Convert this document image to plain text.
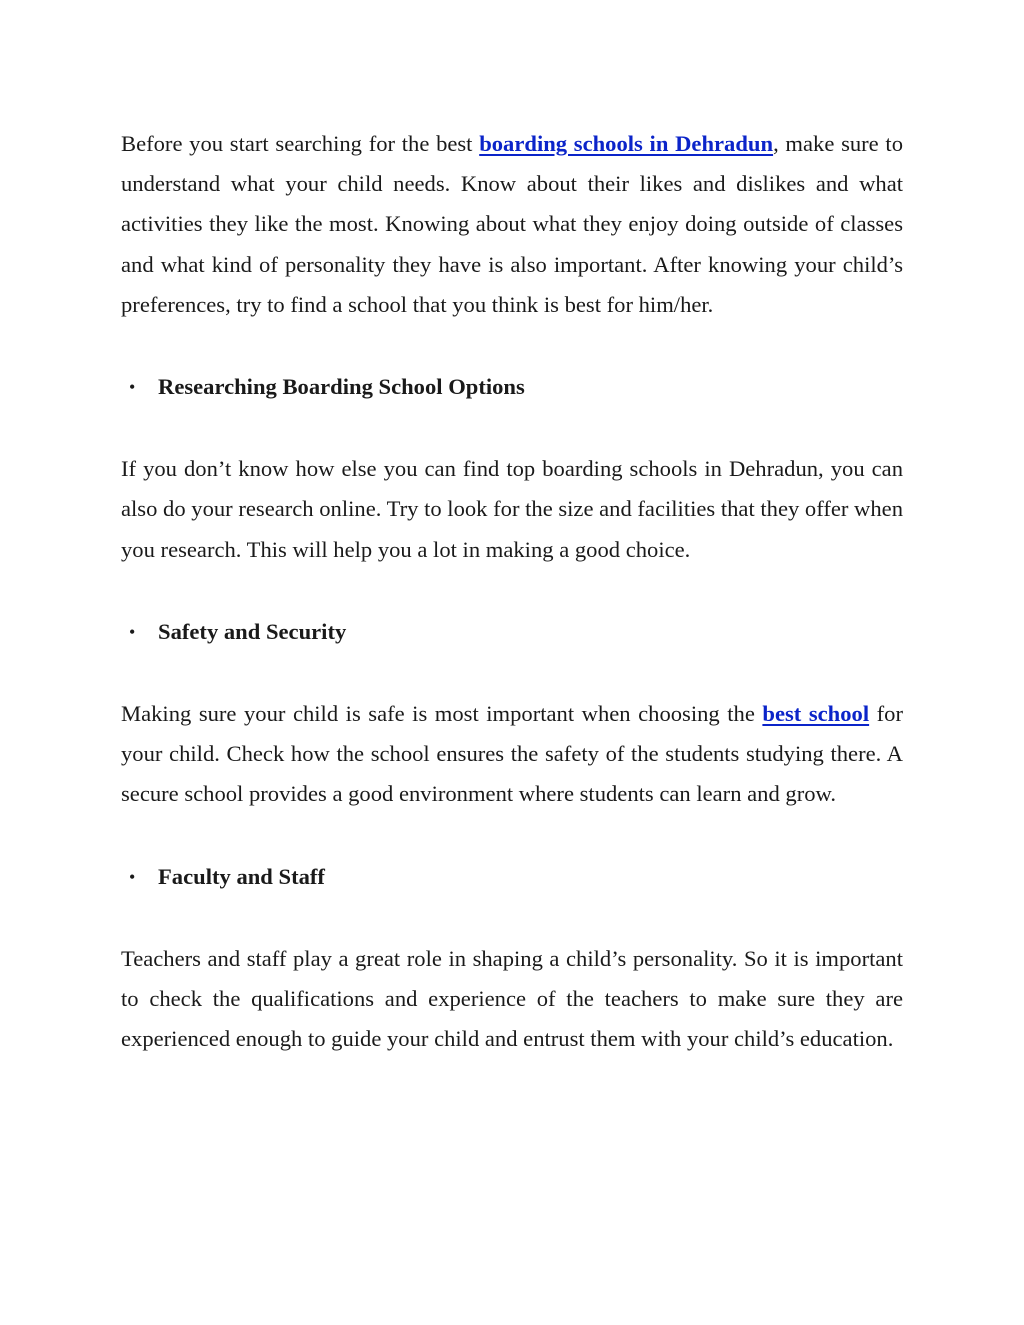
Before you start searching for the best boarding schools in Dehradun, make sure to understand what your child needs. Know about their likes and dislikes and what activities they like the most. Knowing about what they enjoy doing outside of classes and what kind of personality they have is also important. After knowing your child’s preferences, try to find a school that you think is best for him/her.

• Researching Boarding School Options

If you don’t know how else you can find top boarding schools in Dehradun, you can also do your research online. Try to look for the size and facilities that they offer when you research. This will help you a lot in making a good choice.

• Safety and Security

Making sure your child is safe is most important when choosing the best school for your child. Check how the school ensures the safety of the students studying there. A secure school provides a good environment where students can learn and grow.

• Faculty and Staff

Teachers and staff play a great role in shaping a child’s personality. So it is important to check the qualifications and experience of the teachers to make sure they are experienced enough to guide your child and entrust them with your child’s education.
